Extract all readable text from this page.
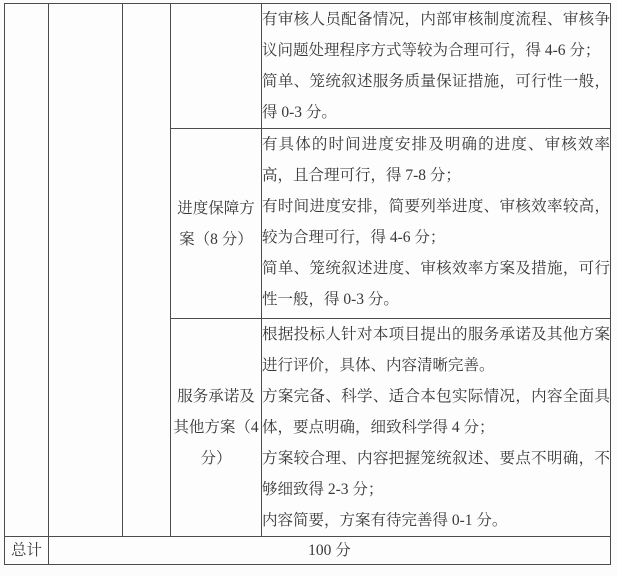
				有审核人员配备情况，内部审核制度流程、审核争议问题处理程序方式等较为合理可行，得 4-6 分；

简单、笼统叙述服务质量保证措施，可行性一般，得 0-3 分。

			进度保障方案（8 分）	有具体的时间进度安排及明确的进度、审核效率高，且合理可行，得 7-8 分；

有时间进度安排，简要列举进度、审核效率较高，较为合理可行，得 4-6 分；

简单、笼统叙述进度、审核效率方案及措施，可行性一般，得 0-3 分。

			服务承诺及其他方案（4 分）	根据投标人针对本项目提出的服务承诺及其他方案进行评价，具体、内容清晰完善。

方案完备、科学、适合本包实际情况，内容全面具体，要点明确，细致科学得 4 分；

方案较合理、内容把握笼统叙述、要点不明确，不够细致得 2-3 分；

内容简要，方案有待完善得 0-1 分。

总计	100 分			
